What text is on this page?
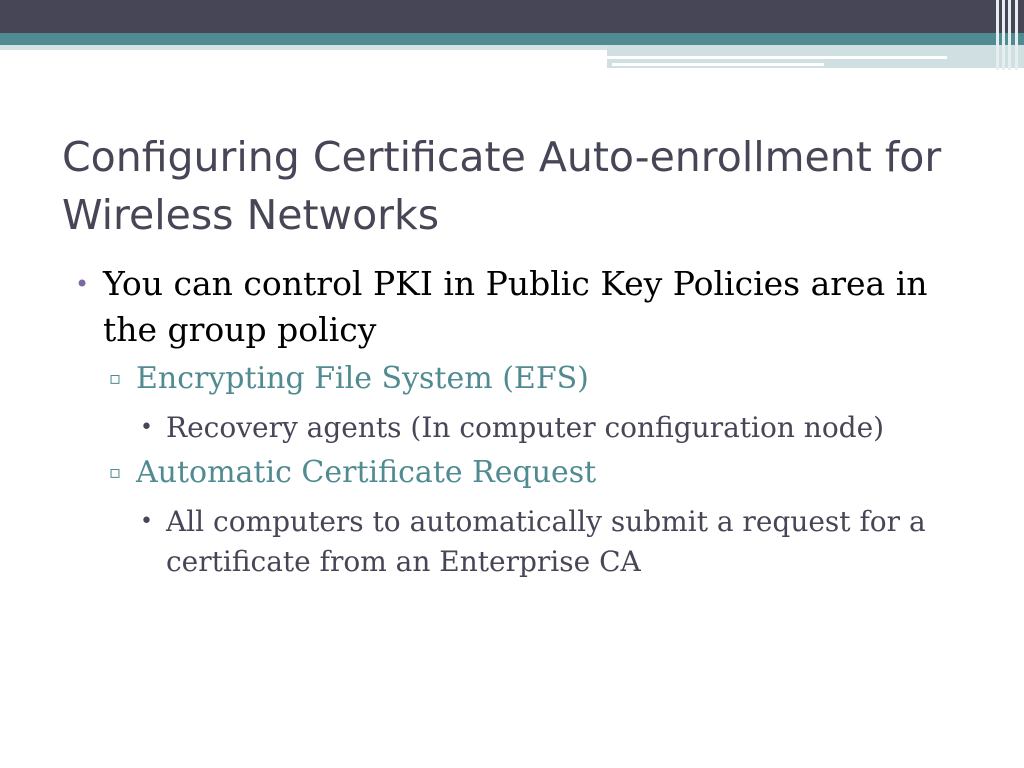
Configuring Certificate Auto-enrollment for Wireless Networks
• You can control PKI in Public Key Policies area in the group policy
▫ Encrypting File System (EFS)
• Recovery agents (In computer configuration node)
▫ Automatic Certificate Request
• All computers to automatically submit a request for a certificate from an Enterprise CA
